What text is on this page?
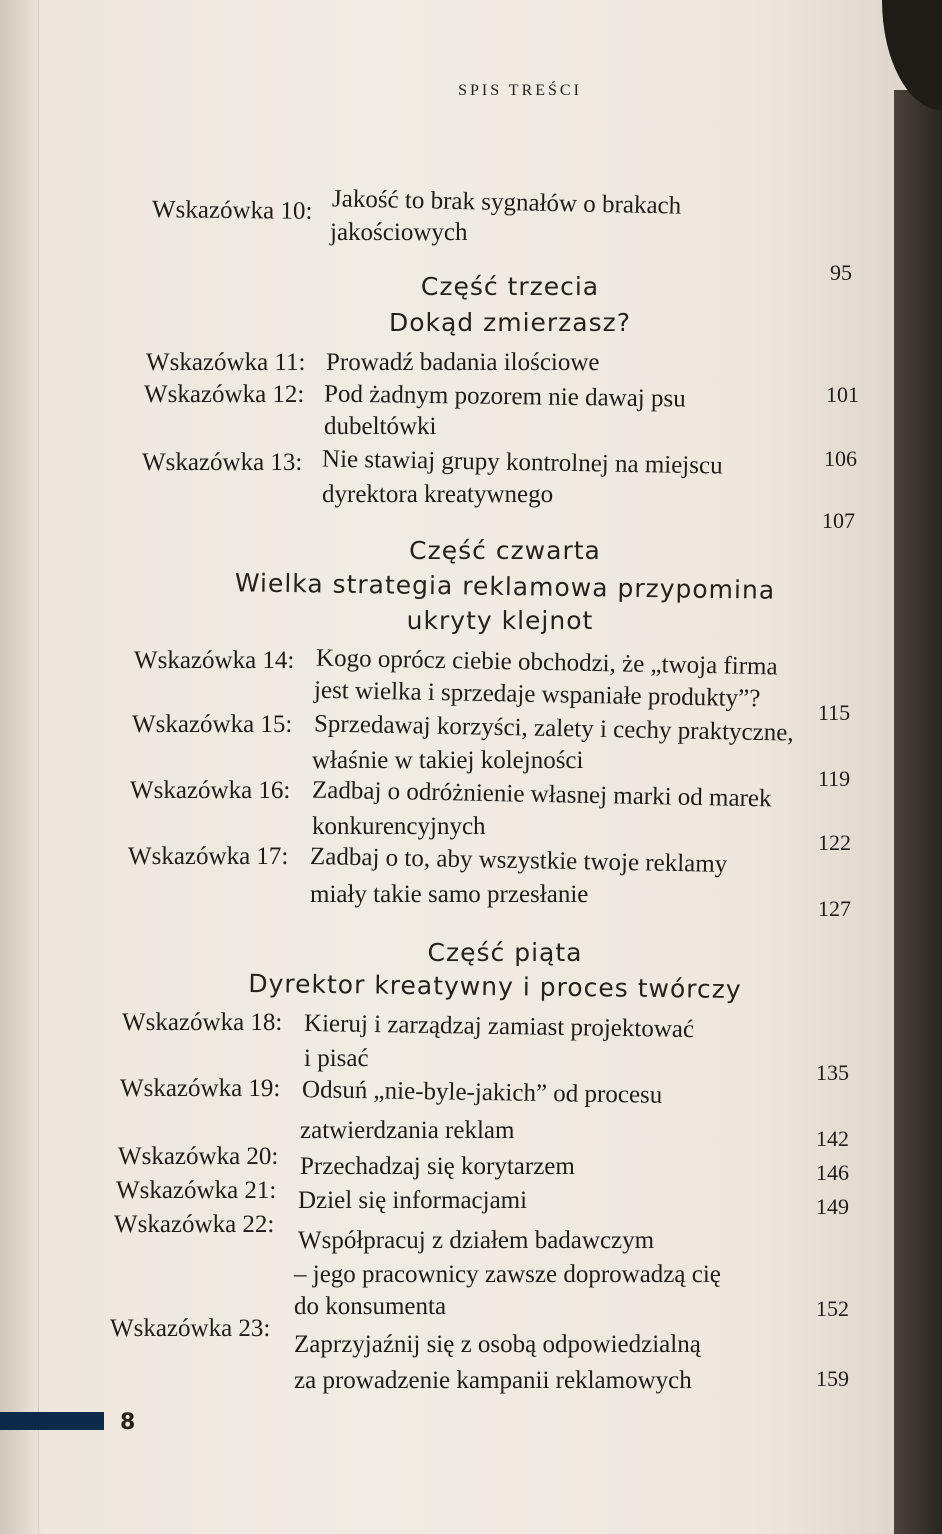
SPIS TREŚCI
Wskazówka 10: Jakość to brak sygnałów o brakach
jakościowych
95
Część trzecia
Dokąd zmierzasz?
Wskazówka 11: Prowadź badania ilościowe
101
Wskazówka 12: Pod żadnym pozorem nie dawaj psu
dubeltówki
106
Wskazówka 13: Nie stawiaj grupy kontrolnej na miejscu
dyrektora kreatywnego
107
Część czwarta
Wielka strategia reklamowa przypomina
ukryty klejnot
Wskazówka 14: Kogo oprócz ciebie obchodzi, że „twoja firma
jest wielka i sprzedaje wspaniałe produkty”?
115
Wskazówka 15: Sprzedawaj korzyści, zalety i cechy praktyczne,
właśnie w takiej kolejności
119
Wskazówka 16: Zadbaj o odróżnienie własnej marki od marek
konkurencyjnych
122
Wskazówka 17: Zadbaj o to, aby wszystkie twoje reklamy
miały takie samo przesłanie
127
Część piąta
Dyrektor kreatywny i proces twórczy
Wskazówka 18: Kieruj i zarządzaj zamiast projektować
i pisać
135
Wskazówka 19: Odsuń „nie-byle-jakich” od procesu
zatwierdzania reklam	142
Wskazówka 20: Przechadzaj się korytarzem	146
Wskazówka 21: Dziel się informacjami	149
Wskazówka 22:
Współpracuj z działem badawczym
– jego pracownicy zawsze doprowadzą cię
do konsumenta	152
Wskazówka 23:
Zaprzyjaźnij się z osobą odpowiedzialną
za prowadzenie kampanii reklamowych	159
8
